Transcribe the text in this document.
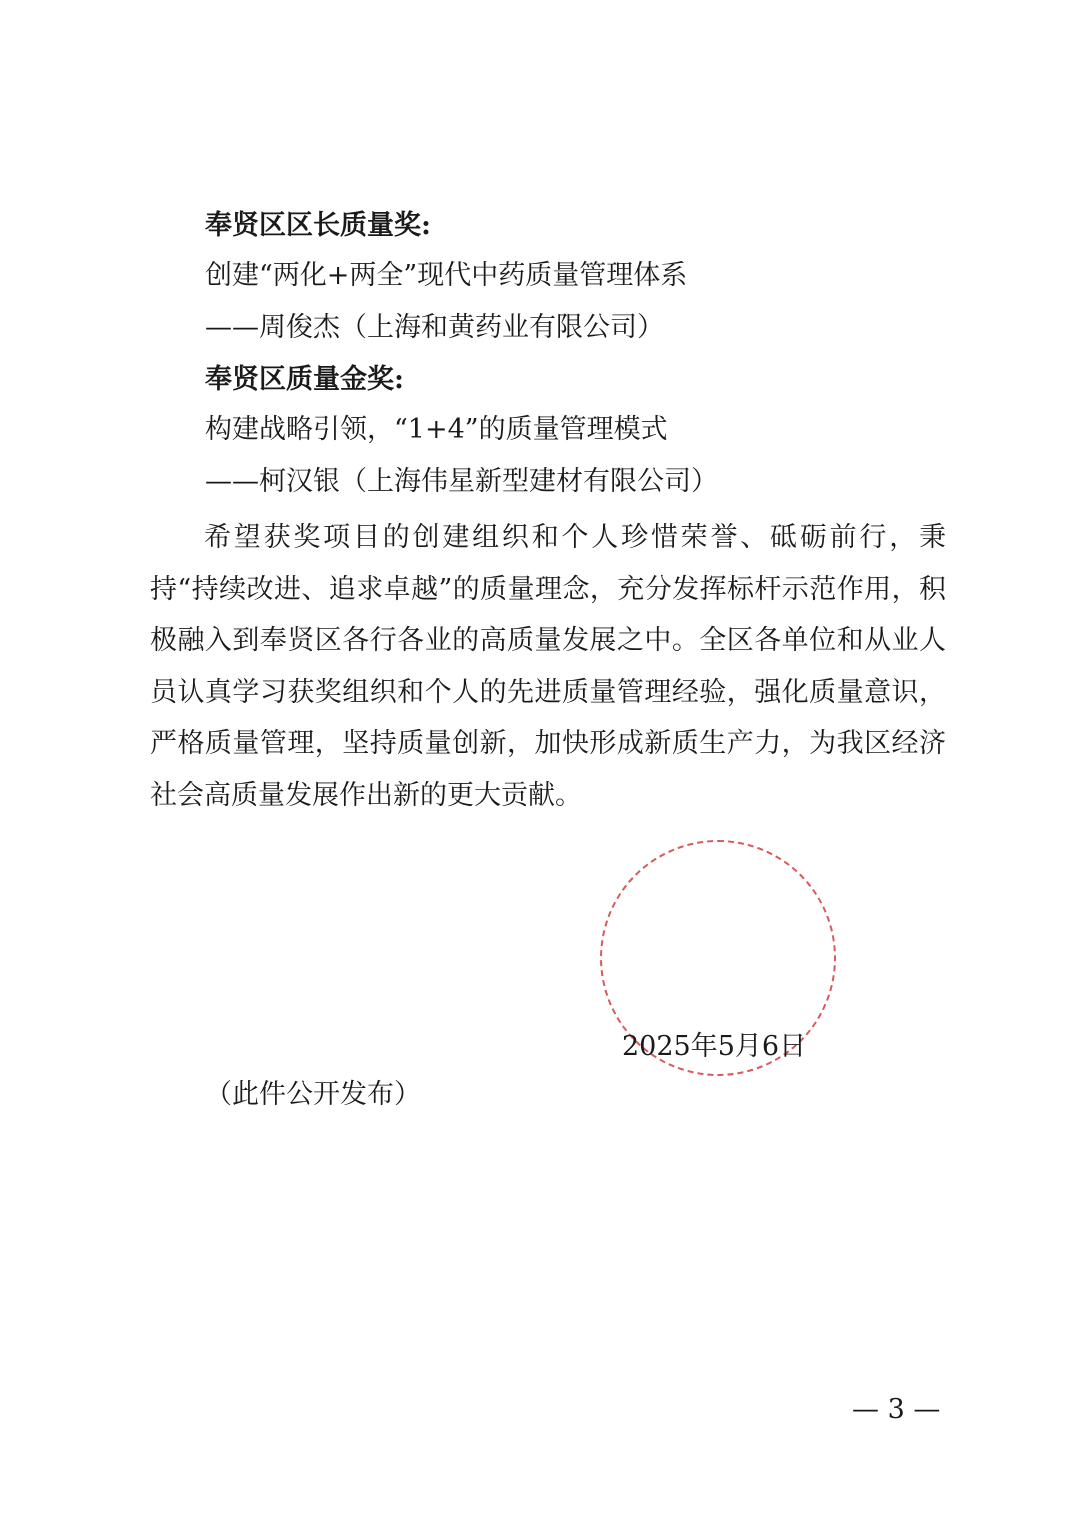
奉贤区区长质量奖:
创建“两化+两全”现代中药质量管理体系
——周俊杰（上海和黄药业有限公司）
奉贤区质量金奖:
构建战略引领，“1+4”的质量管理模式
——柯汉银（上海伟星新型建材有限公司）

希望获奖项目的创建组织和个人珍惜荣誉、砥砺前行，秉持“持续改进、追求卓越”的质量理念，充分发挥标杆示范作用，积极融入到奉贤区各行各业的高质量发展之中。全区各单位和从业人员认真学习获奖组织和个人的先进质量管理经验，强化质量意识，严格质量管理，坚持质量创新，加快形成新质生产力，为我区经济社会高质量发展作出新的更大贡献。

2025年5月6日
（此件公开发布）
— 3 —
